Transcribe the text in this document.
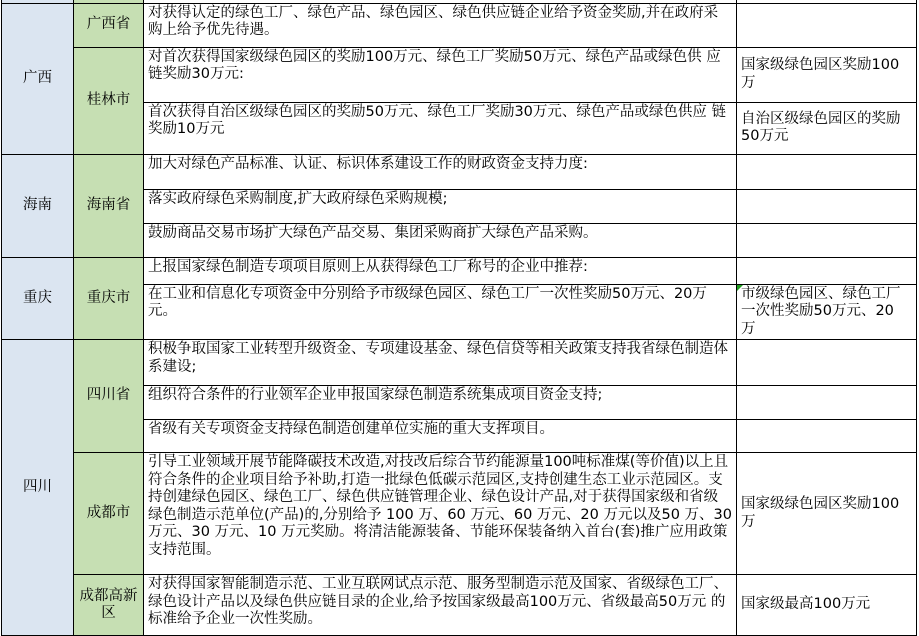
广西	广西省	对获得认定的绿色工厂、绿色产品、绿色园区、绿色供应链企业给予资金奖励,并在政府采购上给予优先待遇。	
	桂林市	对首次获得国家级绿色园区的奖励100万元、绿色工厂奖励50万元、绿色产品或绿色供 应链奖励30万元:	国家级绿色园区奖励100万
		首次获得自治区级绿色园区的奖励50万元、绿色工厂奖励30万元、绿色产品或绿色供应 链奖励10万元	自治区级绿色园区的奖励50万元
海南	海南省	加大对绿色产品标准、认证、标识体系建设工作的财政资金支持力度:	
		落实政府绿色采购制度,扩大政府绿色采购规模;	
		鼓励商品交易市场扩大绿色产品交易、集团采购商扩大绿色产品采购。	
重庆	重庆市	上报国家绿色制造专项项目原则上从获得绿色工厂称号的企业中推荐:	
		在工业和信息化专项资金中分别给予市级绿色园区、绿色工厂一次性奖励50万元、20万元。	市级绿色园区、绿色工厂一次性奖励50万元、20万
四川	四川省	积极争取国家工业转型升级资金、专项建设基金、绿色信贷等相关政策支持我省绿色制造体系建设;	
		组织符合条件的行业领军企业申报国家绿色制造系统集成项目资金支持;	
		省级有关专项资金支持绿色制造创建单位实施的重大支挥项目。	
	成都市	引导工业领域开展节能降碳技术改造,对技改后综合节约能源量100吨标准煤(等价值)以上且符合条件的企业项目给予补助,打造一批绿色低碳示范园区,支持创建生态工业示范园区。支持创建绿色园区、绿色工厂、绿色供应链管理企业、绿色设计产品,对于获得国家级和省级绿色制造示范单位(产品)的,分别给予 100 万、60 万元、60 万元、20 万元以及50 万、30 万元、30 万元、10 万元奖励。将清洁能源装备、节能环保装备纳入首台(套)推广应用政策支持范围。	国家级绿色园区奖励100万
	成都高新区	对获得国家智能制造示范、工业互联网试点示范、服务型制造示范及国家、省级绿色工厂、绿色设计产品以及绿色供应链目录的企业,给予按国家级最高100万元、省级最高50万元 的标准给予企业一次性奖励。	国家级最高100万元
